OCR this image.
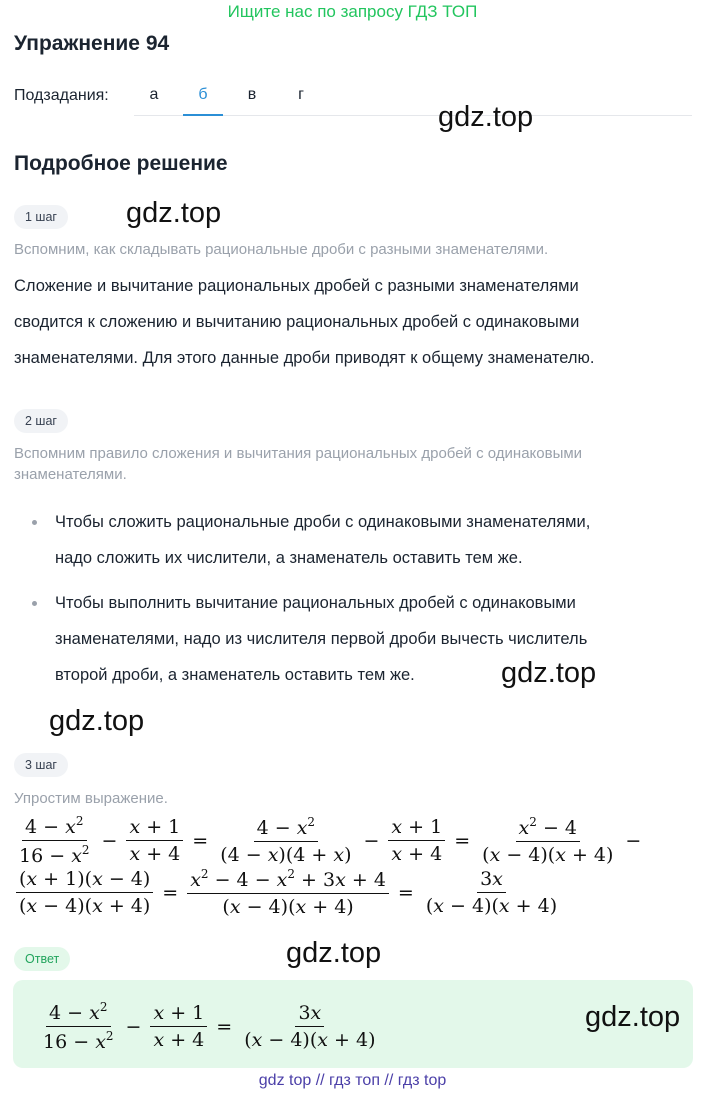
Ищите нас по запросу ГДЗ ТОП
Упражнение 94
Подзадания:	а	б	в	г
gdz.top
Подробное решение
1 шаг	gdz.top
Вспомним, как складывать рациональные дроби с разными знаменателями.
Сложение и вычитание рациональных дробей с разными знаменателями
сводится к сложению и вычитанию рациональных дробей с одинаковыми
знаменателями. Для этого данные дроби приводят к общему знаменателю.
2 шаг
Вспомним правило сложения и вычитания рациональных дробей с одинаковыми
знаменателями.
Чтобы сложить рациональные дроби с одинаковыми знаменателями,
надо сложить их числители, а знаменатель оставить тем же.
Чтобы выполнить вычитание рациональных дробей с одинаковыми
знаменателями, надо из числителя первой дроби вычесть числитель
второй дроби, а знаменатель оставить тем же.	gdz.top
gdz.top
3 шаг
Упростим выражение.
$\frac{4 - x^2}{16 - x^2} - \frac{x + 1}{x + 4} = \frac{4 - x^2}{(4 - x)(4 + x)} - \frac{x + 1}{x + 4} = \frac{x^2 - 4}{(x - 4)(x + 4)}$ −
$\frac{(x + 1)(x - 4)}{(x - 4)(x + 4)} = \frac{x^2 - 4 - x^2 + 3x + 4}{(x - 4)(x + 4)} = \frac{3x}{(x - 4)(x + 4)}$
Ответ	gdz.top
$\frac{4 - x^2}{16 - x^2} - \frac{x + 1}{x + 4} = \frac{3x}{(x - 4)(x + 4)}$	gdz.top
gdz top // гдз топ // гдз top
